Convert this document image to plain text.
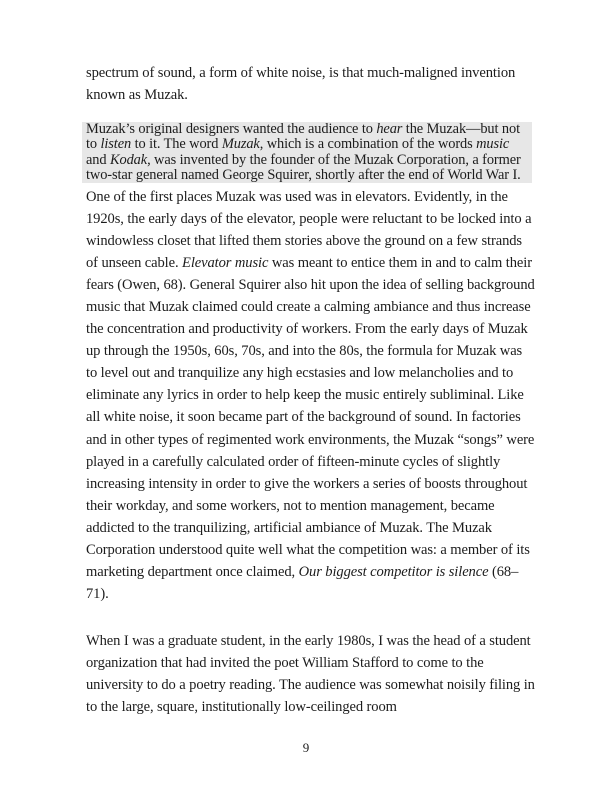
spectrum of sound, a form of white noise, is that much-maligned invention known as Muzak.

Muzak’s original designers wanted the audience to hear the Muzak—but not to listen to it. The word Muzak, which is a combination of the words music and Kodak, was invented by the founder of the Muzak Corporation, a former two-star general named George Squirer, shortly after the end of World War I.

One of the first places Muzak was used was in elevators. Evidently, in the 1920s, the early days of the elevator, people were reluctant to be locked into a windowless closet that lifted them stories above the ground on a few strands of unseen cable. Elevator music was meant to entice them in and to calm their fears (Owen, 68). General Squirer also hit upon the idea of selling background music that Muzak claimed could create a calming ambiance and thus increase the concentration and productivity of workers. From the early days of Muzak up through the 1950s, 60s, 70s, and into the 80s, the formula for Muzak was to level out and tranquilize any high ecstasies and low melancholies and to eliminate any lyrics in order to help keep the music entirely subliminal. Like all white noise, it soon became part of the background of sound. In factories and in other types of regimented work environments, the Muzak “songs” were played in a carefully calculated order of fifteen-minute cycles of slightly increasing intensity in order to give the workers a series of boosts throughout their workday, and some workers, not to mention management, became addicted to the tranquilizing, artificial ambiance of Muzak. The Muzak Corporation understood quite well what the competition was: a member of its marketing department once claimed, Our biggest competitor is silence (68–71).

When I was a graduate student, in the early 1980s, I was the head of a student organization that had invited the poet William Stafford to come to the university to do a poetry reading. The audience was somewhat noisily filing in to the large, square, institutionally low-ceilinged room

9
